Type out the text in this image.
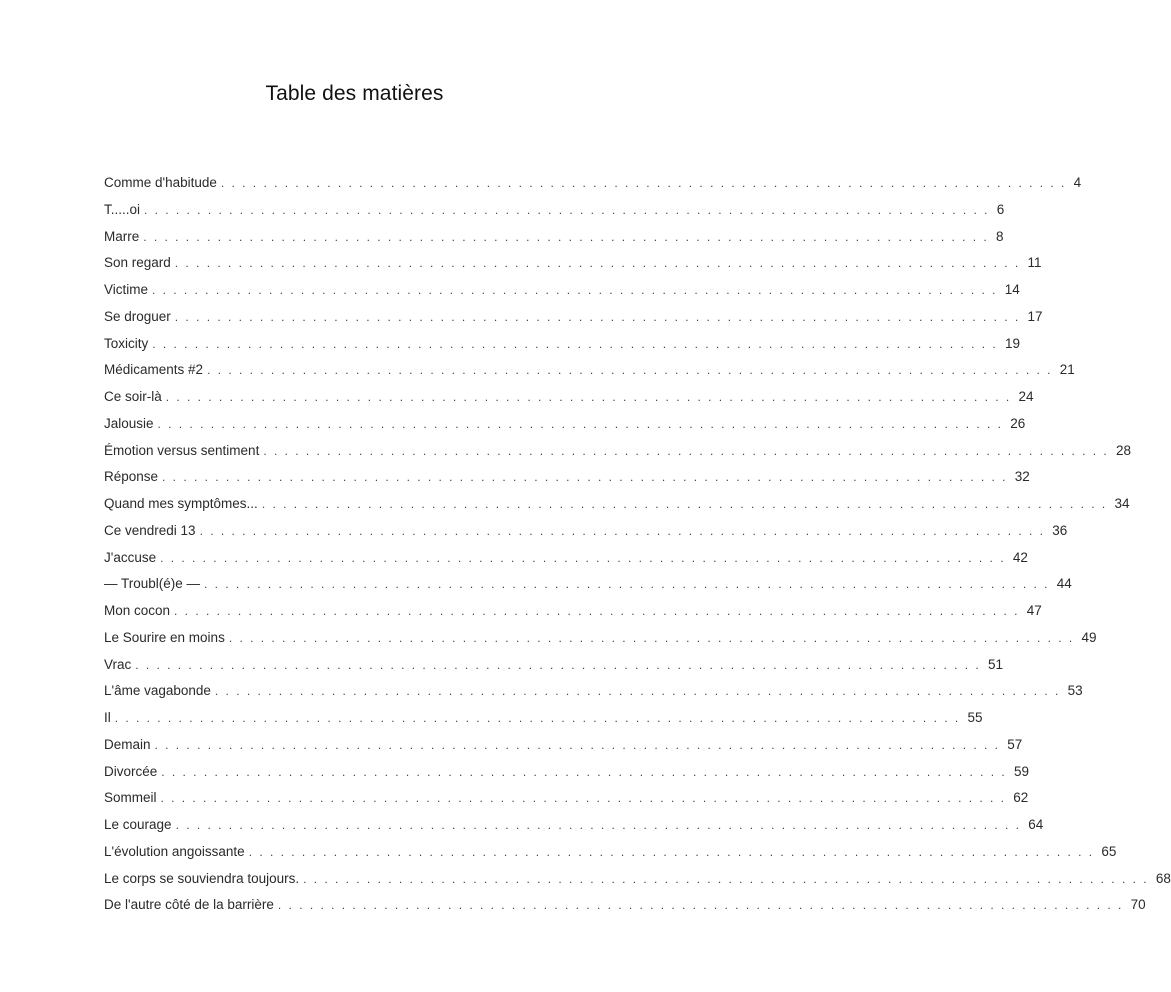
Table des matières
Comme d'habitude ................................................................................ 4
T.....oi ................................................................................ 6
Marre ................................................................................ 8
Son regard ................................................................................ 11
Victime ................................................................................ 14
Se droguer ................................................................................ 17
Toxicity ................................................................................ 19
Médicaments #2 ................................................................................ 21
Ce soir-là ................................................................................ 24
Jalousie ................................................................................ 26
Émotion versus sentiment ................................................................................ 28
Réponse ................................................................................ 32
Quand mes symptômes... ................................................................................ 34
Ce vendredi 13 ................................................................................ 36
J'accuse ................................................................................ 42
— Troubl(é)e — ................................................................................ 44
Mon cocon ................................................................................ 47
Le Sourire en moins ................................................................................ 49
Vrac ................................................................................ 51
L'âme vagabonde ................................................................................ 53
Il ................................................................................ 55
Demain ................................................................................ 57
Divorcée ................................................................................ 59
Sommeil ................................................................................ 62
Le courage ................................................................................ 64
L'évolution angoissante ................................................................................ 65
Le corps se souviendra toujours. ................................................................................ 68
De l'autre côté de la barrière ................................................................................ 70
